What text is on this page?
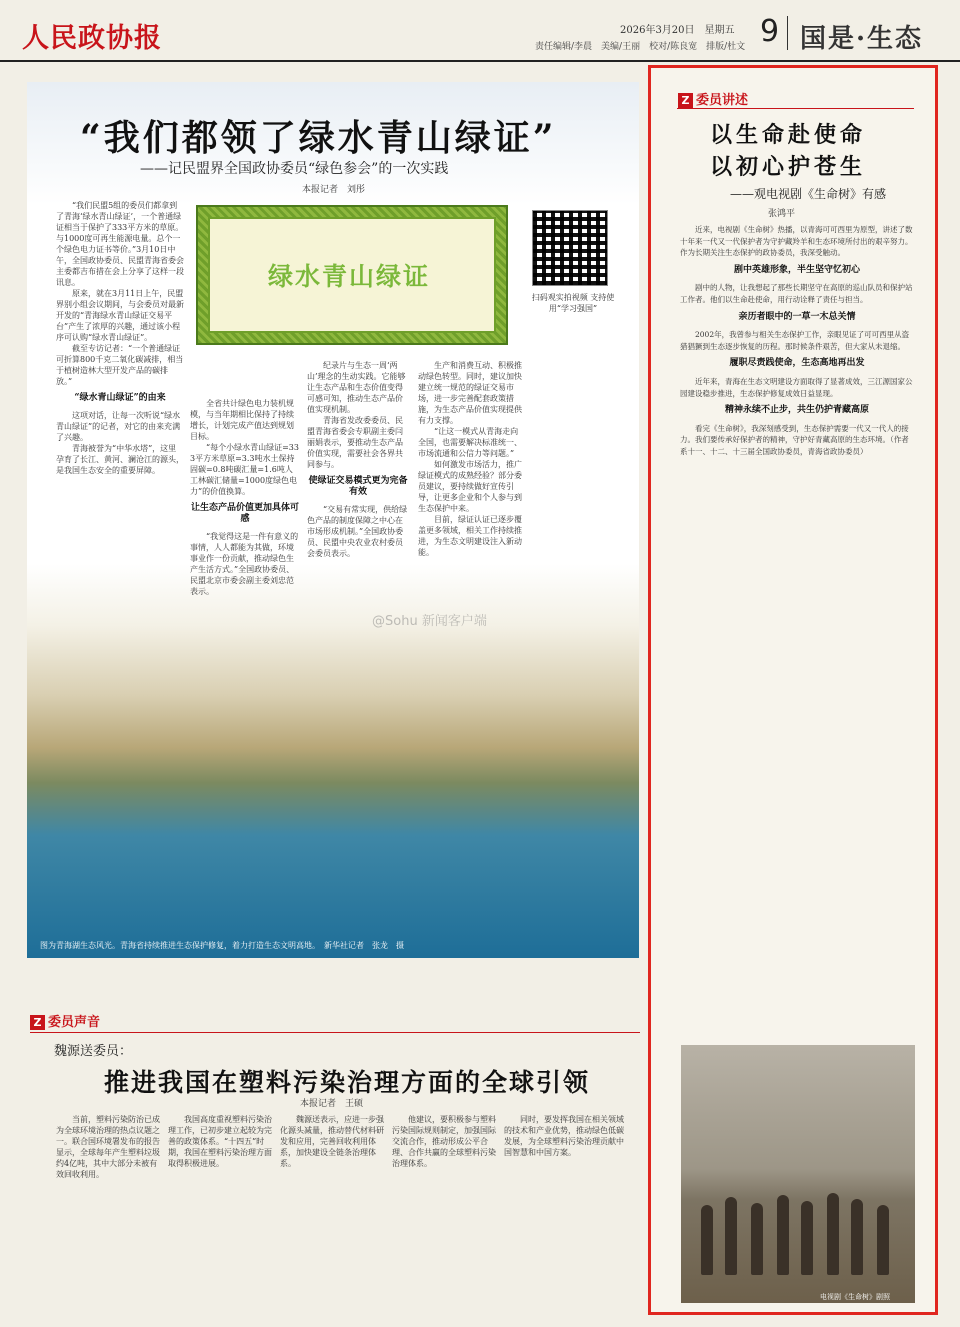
人民政协报	2026年3月20日　星期五
责任编辑/李晨　美编/王丽　校对/陈良宽　排版/杜文 9 国是·生态
“我们都领了绿水青山绿证”
——记民盟界全国政协委员“绿色参会”的一次实践
本报记者　刘彤
绿水青山绿证
扫码观实拍视频 支持使用“学习强国”

“我们民盟5组的委员们都拿到了青海‘绿水青山绿证’，一个普通绿证相当于保护了333平方米的草原。与1000度可再生能源电量。总个一个绿色电力证书等价。”3月10日中午，全国政协委员、民盟青海省委会主委都吉布措在会上分享了这样一段讯息。

原来，就在3月11日上午，民盟界别小组会议期间，与会委员对最新开发的“青海绿水青山绿证交易平台”产生了浓厚的兴趣，通过该小程序可认购“绿水青山绿证”。

截至专访记者：“一个普通绿证可折算800千克二氧化碳减排，相当于植树造林大型开发产品的碳排放。”

“绿水青山绿证”的由来

这项对话，让每一次听说“绿水青山绿证”的记者，对它的由来充满了兴趣。

青海被誉为“中华水塔”，这里孕育了长江、黄河、澜沧江的源头，是我国生态安全的重要屏障。

全省共计绿色电力装机规模，与当年期相比保持了持续增长，计划完成产值达到规划目标。

“每个小绿水青山绿证=333平方米草原=3.3吨水土保持固碳=0.8吨碳汇量=1.6吨人工林碳汇储量=1000度绿色电力”的价值换算。

让生态产品价值更加具体可感

“我觉得这是一件有意义的事情，人人都能为其做，环境事业作一份贡献，推动绿色生产生活方式。”全国政协委员、民盟北京市委会副主委刘忠范表示。

纪录片与生态一周‘两山’理念的生动实践。它能够让生态产品和生态价值变得可感可知，推动生态产品价值实现机制。

青海省发改委委员、民盟青海省委会专职副主委闫丽娟表示，要推动生态产品价值实现，需要社会各界共同参与。

使绿证交易模式更为完备有效

“交易有常实现，供给绿色产品的制度保障之中心在市场形成机制。”全国政协委员、民盟中央农业农村委员会委员表示。

生产和消费互动、积极推动绿色转型。同时，建议加快建立统一规范的绿证交易市场，进一步完善配套政策措施，为生态产品价值实现提供有力支撑。

“让这一模式从青海走向全国，也需要解决标准统一、市场流通和公信力等问题。”

如何激发市场活力，推广绿证模式的成熟经验？部分委员建议，要持续做好宣传引导，让更多企业和个人参与到生态保护中来。

目前，绿证认证已逐步覆盖更多领域，相关工作持续推进，为生态文明建设注入新动能。

图为青海湖生态风光。青海省持续推进生态保护修复，着力打造生态文明高地。　新华社记者　张龙　摄
Z 委员声音
魏源送委员：
推进我国在塑料污染治理方面的全球引领
本报记者　王硕

当前，塑料污染防治已成为全球环境治理的热点议题之一。联合国环境署发布的报告显示，全球每年产生塑料垃圾约4亿吨，其中大部分未被有效回收利用。

我国高度重视塑料污染治理工作，已初步建立起较为完善的政策体系。“十四五”时期，我国在塑料污染治理方面取得积极进展。

魏源送表示，应进一步强化源头减量，推动替代材料研发和应用，完善回收利用体系，加快建设全链条治理体系。

他建议，要积极参与塑料污染国际规则制定，加强国际交流合作，推动形成公平合理、合作共赢的全球塑料污染治理体系。

同时，要发挥我国在相关领域的技术和产业优势，推动绿色低碳发展，为全球塑料污染治理贡献中国智慧和中国方案。

Z 委员讲述
以生命赴使命
以初心护苍生
——观电视剧《生命树》有感
张鸿平

近来，电视剧《生命树》热播，以青海可可西里为原型，讲述了数十年来一代又一代保护者为守护藏羚羊和生态环境所付出的艰辛努力。作为长期关注生态保护的政协委员，我深受触动。

剧中英雄形象，半生坚守忆初心

剧中的人物，让我想起了那些长期坚守在高原的巡山队员和保护站工作者。他们以生命赴使命，用行动诠释了责任与担当。

亲历者眼中的一草一木总关情

2002年，我曾参与相关生态保护工作，亲眼见证了可可西里从盗猎猖獗到生态逐步恢复的历程。那时候条件艰苦，但大家从未退缩。

履职尽责践使命，生态高地再出发

近年来，青海在生态文明建设方面取得了显著成效，三江源国家公园建设稳步推进，生态保护修复成效日益显现。

精神永续不止步，共生仍护青藏高原

看完《生命树》，我深刻感受到，生态保护需要一代又一代人的接力。我们要传承好保护者的精神，守护好青藏高原的生态环境。（作者系十一、十二、十三届全国政协委员，青海省政协委员）

电视剧《生命树》剧照
@Sohu 新闻客户端
